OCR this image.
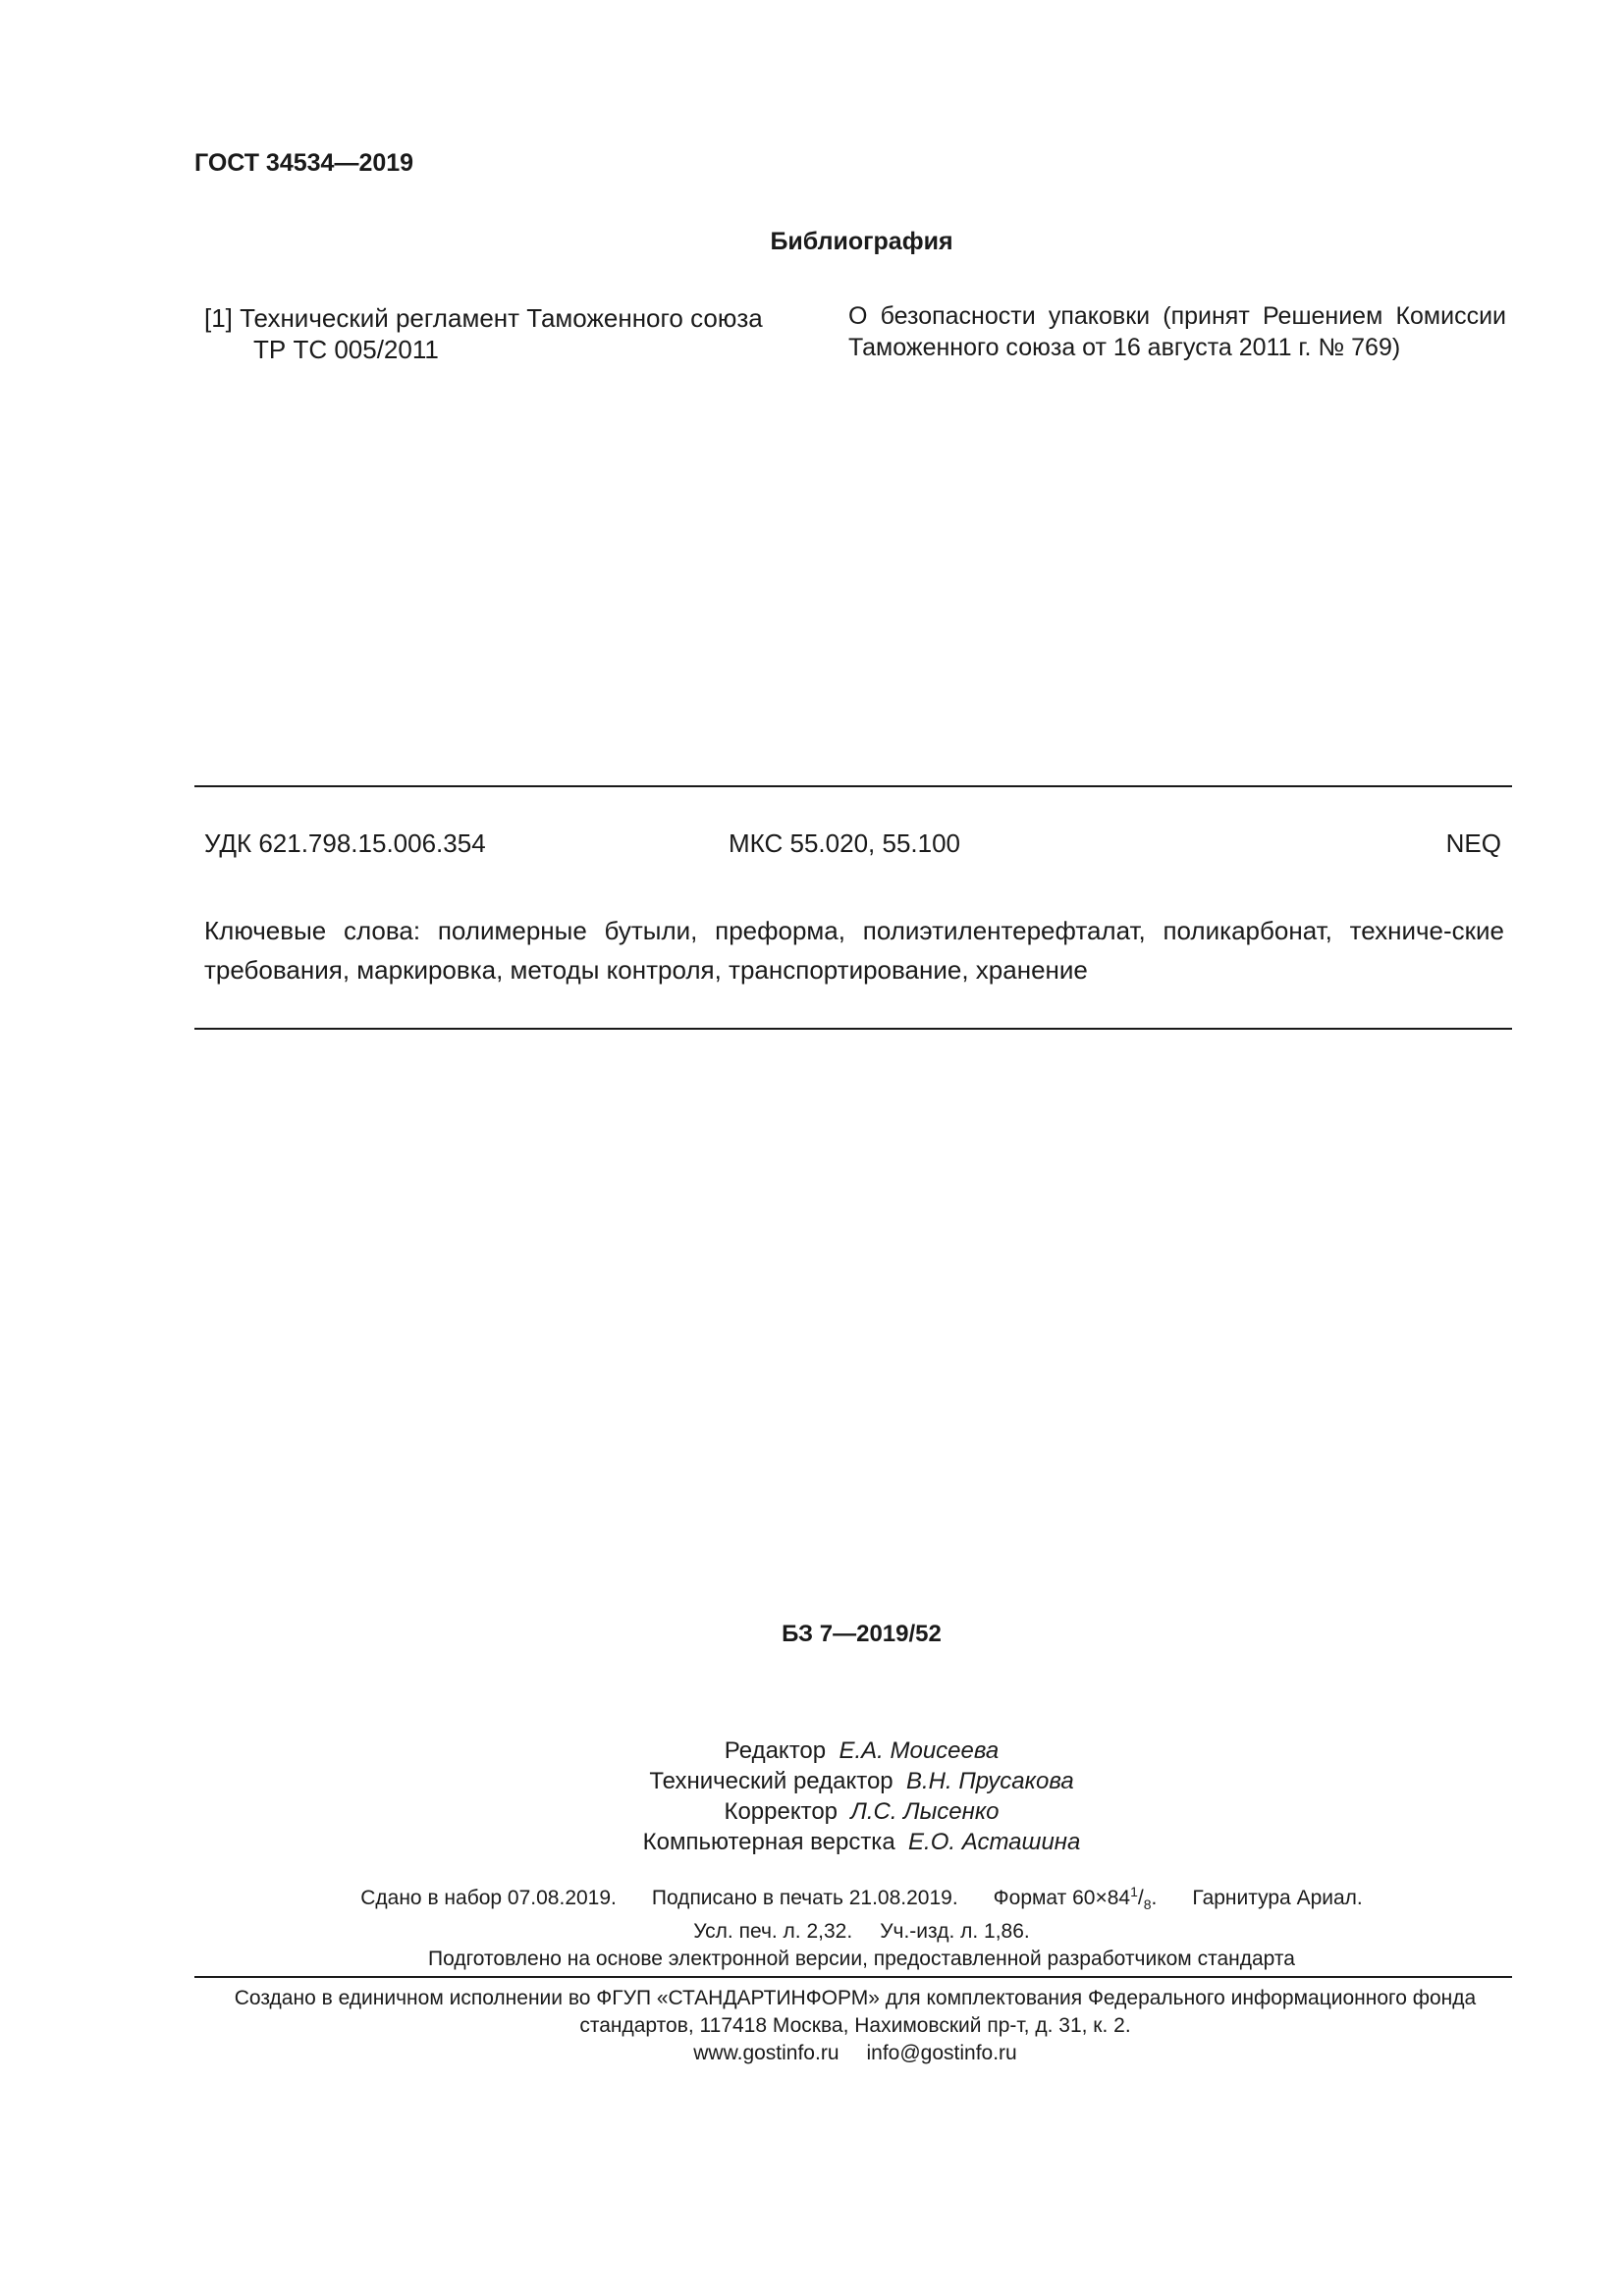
ГОСТ 34534—2019
Библиография
[1] Технический регламент Таможенного союза
ТР ТС 005/2011
О безопасности упаковки (принят Решением Комиссии Таможенного союза от 16 августа 2011 г. № 769)
УДК 621.798.15.006.354	МКС 55.020, 55.100	NEQ
Ключевые слова: полимерные бутыли, преформа, полиэтилентерефталат, поликарбонат, техниче-ские требования, маркировка, методы контроля, транспортирование, хранение
БЗ 7—2019/52
Редактор Е.А. Моисеева
Технический редактор В.Н. Прусакова
Корректор Л.С. Лысенко
Компьютерная верстка Е.О. Асташина
Сдано в набор 07.08.2019. Подписано в печать 21.08.2019. Формат $60\times 84^1/_8$. Гарнитура Ариал.
Усл. печ. л. 2,32. Уч.-изд. л. 1,86.
Подготовлено на основе электронной версии, предоставленной разработчиком стандарта
Создано в единичном исполнении во ФГУП «СТАНДАРТИНФОРМ» для комплектования Федерального информационного фонда
стандартов, 117418 Москва, Нахимовский пр-т, д. 31, к. 2.
www.gostinfo.ru info@gostinfo.ru
